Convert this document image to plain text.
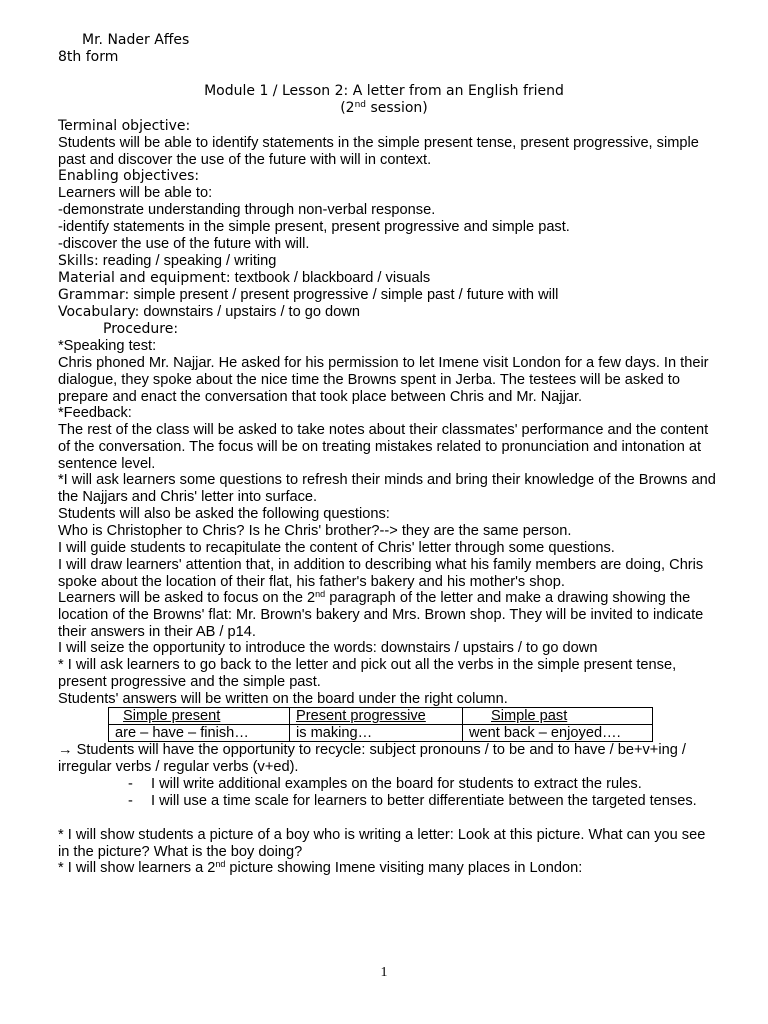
Mr. Nader Affes
8th form
Module 1 / Lesson 2: A letter from an English friend
(2nd session)
Terminal objective:
Students will be able to identify statements in the simple present tense, present progressive, simple past and discover the use of the future with will in context.
Enabling objectives:
Learners will be able to:
-demonstrate understanding through non-verbal response.
-identify statements in the simple present, present progressive and simple past.
-discover the use of the future with will.
Skills: reading / speaking / writing
Material and equipment: textbook / blackboard / visuals
Grammar: simple present / present progressive / simple past / future with will
Vocabulary: downstairs / upstairs / to go down
Procedure:
*Speaking test:
Chris phoned Mr. Najjar. He asked for his permission to let Imene visit London for a few days. In their dialogue, they spoke about the nice time the Browns spent in Jerba. The testees will be asked to prepare and enact the conversation that took place between Chris and Mr. Najjar.
*Feedback:
The rest of the class will be asked to take notes about their classmates' performance and the content of the conversation. The focus will be on treating mistakes related to pronunciation and intonation at sentence level.
*I will ask learners some questions to refresh their minds and bring their knowledge of the Browns and the Najjars and Chris' letter into surface.
Students will also be asked the following questions:
Who is Christopher to Chris? Is he Chris' brother?--> they are the same person.
I will guide students to recapitulate the content of Chris' letter through some questions.
I will draw learners' attention that, in addition to describing what his family members are doing, Chris spoke about the location of their flat, his father's bakery and his mother's shop.
Learners will be asked to focus on the 2nd paragraph of the letter and make a drawing showing the location of the Browns' flat: Mr. Brown's bakery and Mrs. Brown shop. They will be invited to indicate their answers in their AB / p14.
I will seize the opportunity to introduce the words: downstairs / upstairs / to go down
* I will ask learners to go back to the letter and pick out all the verbs in the simple present tense, present progressive and the simple past.
Students' answers will be written on the board under the right column.
Simple present	Present progressive	Simple past
are – have – finish…	is making…	went back – enjoyed….
→ Students will have the opportunity to recycle: subject pronouns / to be and to have / be+v+ing / irregular verbs / regular verbs (v+ed).
- I will write additional examples on the board for students to extract the rules.
- I will use a time scale for learners to better differentiate between the targeted tenses.
* I will show students a picture of a boy who is writing a letter: Look at this picture. What can you see in the picture? What is the boy doing?
* I will show learners a 2nd picture showing Imene visiting many places in London:
1
